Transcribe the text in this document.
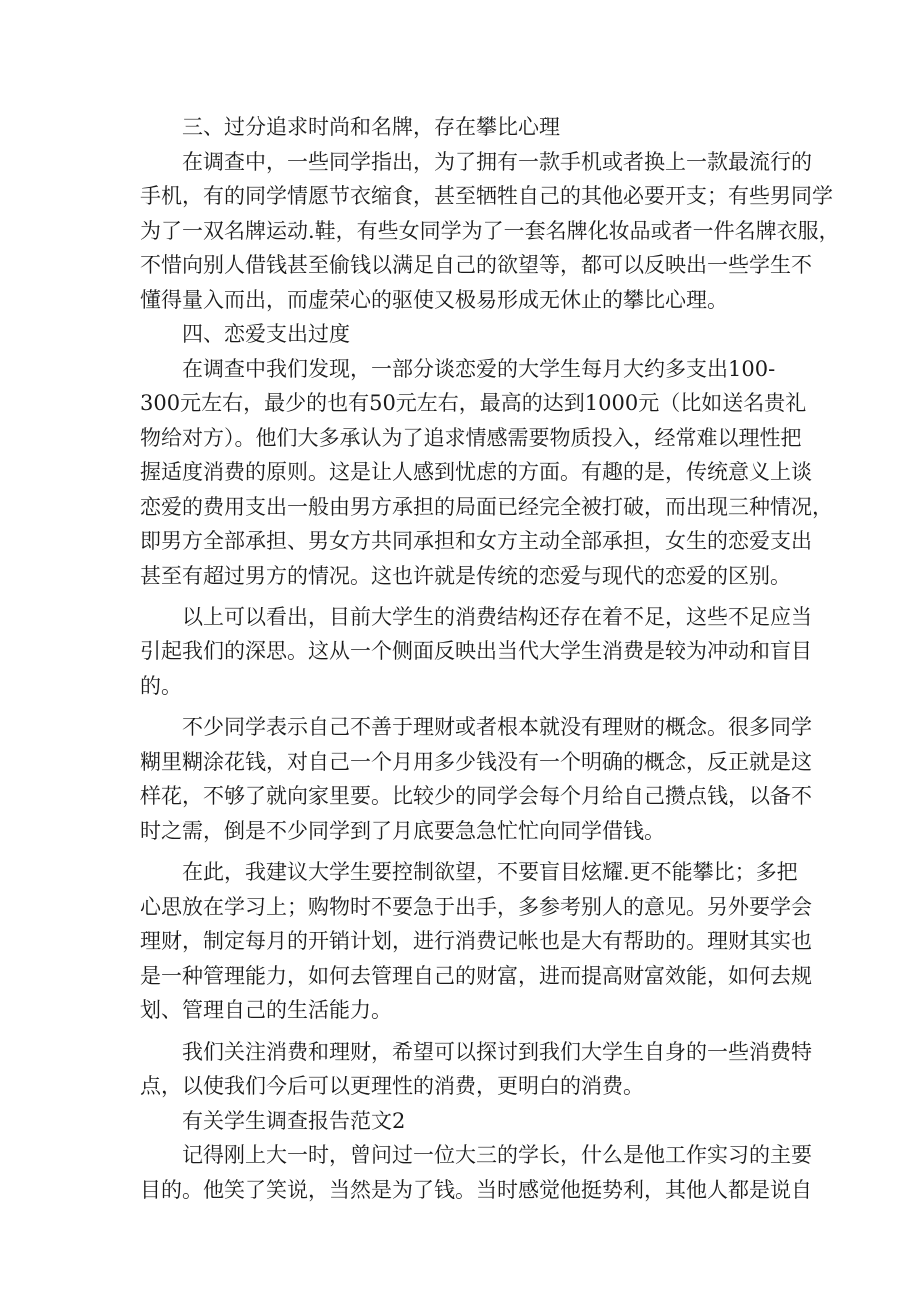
三、过分追求时尚和名牌，存在攀比心理
在调查中，一些同学指出，为了拥有一款手机或者换上一款最流行的
手机，有的同学情愿节衣缩食，甚至牺牲自己的其他必要开支；有些男同学
为了一双名牌运动.鞋，有些女同学为了一套名牌化妆品或者一件名牌衣服，
不惜向别人借钱甚至偷钱以满足自己的欲望等，都可以反映出一些学生不
懂得量入而出，而虚荣心的驱使又极易形成无休止的攀比心理。
四、恋爱支出过度
在调查中我们发现，一部分谈恋爱的大学生每月大约多支出100-
300元左右，最少的也有50元左右，最高的达到1000元（比如送名贵礼
物给对方）。他们大多承认为了追求情感需要物质投入，经常难以理性把
握适度消费的原则。这是让人感到忧虑的方面。有趣的是，传统意义上谈
恋爱的费用支出一般由男方承担的局面已经完全被打破，而出现三种情况，
即男方全部承担、男女方共同承担和女方主动全部承担，女生的恋爱支出
甚至有超过男方的情况。这也许就是传统的恋爱与现代的恋爱的区别。
以上可以看出，目前大学生的消费结构还存在着不足，这些不足应当
引起我们的深思。这从一个侧面反映出当代大学生消费是较为冲动和盲目
的。
不少同学表示自己不善于理财或者根本就没有理财的概念。很多同学
糊里糊涂花钱，对自己一个月用多少钱没有一个明确的概念，反正就是这
样花，不够了就向家里要。比较少的同学会每个月给自己攒点钱，以备不
时之需，倒是不少同学到了月底要急急忙忙向同学借钱。
在此，我建议大学生要控制欲望，不要盲目炫耀.更不能攀比；多把
心思放在学习上；购物时不要急于出手，多参考别人的意见。另外要学会
理财，制定每月的开销计划，进行消费记帐也是大有帮助的。理财其实也
是一种管理能力，如何去管理自己的财富，进而提高财富效能，如何去规
划、管理自己的生活能力。
我们关注消费和理财，希望可以探讨到我们大学生自身的一些消费特
点，以使我们今后可以更理性的消费，更明白的消费。
有关学生调查报告范文2
记得刚上大一时，曾问过一位大三的学长，什么是他工作实习的主要
目的。他笑了笑说，当然是为了钱。当时感觉他挺势利，其他人都是说自
